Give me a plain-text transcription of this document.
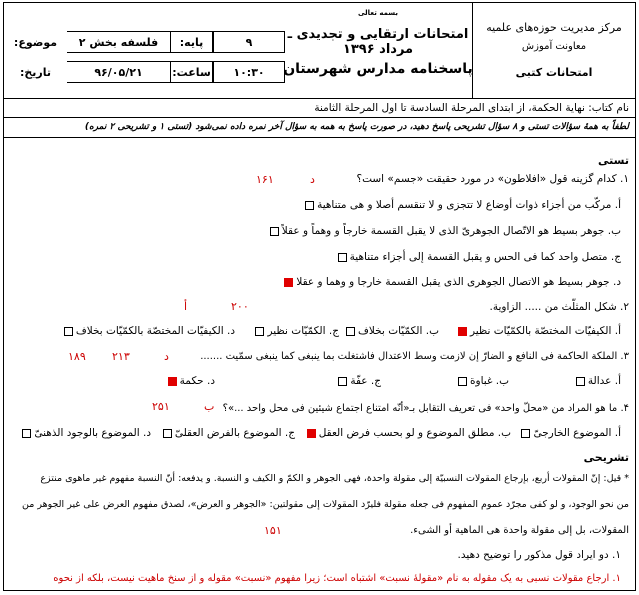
مرکز مدیریت حوزه‌های علمیه
معاونت آموزش
امتحانات کتبی
بسمه تعالی
امتحانات ارتقایی و تجدیدی ـ مرداد ۱۳۹۶
پاسخنامه مدارس شهرستان
موضوع:	فلسفه بخش ۲	پایه:	۹
تاریخ:	۹۶/۰۵/۲۱	ساعت:	۱۰:۳۰
نام کتاب: نهایة الحکمة، از ابتدای المرحلة السادسة تا اول المرحلة الثامنة
لطفاً به همهٔ سؤالات تستی و ۸ سؤال تشریحی پاسخ دهید، در صورت پاسخ به همه به سؤال آخر نمره داده نمی‌شود (تستی ۱ و تشریحی ۲ نمره)
تستی
۱. کدام گزینه قول «افلاطون» در مورد حقیقت «جسم» است؟
د
۱۶۱
أ. مرکّب من أجزاء ذوات أوضاع لا تتجزی و لا تنقسم أصلا و هی متناهیة
ب. جوهر بسیط هو الاتّصال الجوهریّ الذی لا یقبل القسمة خارجاً و وهماً و عقلاً
ج. متصل واحد کما فی الحس و یقبل القسمة إلی أجزاء متناهیة
د. جوهر بسیط هو الاتصال الجوهری الذی یقبل القسمة خارجا و وهما و عقلا
۲. شکل المثلّث من ..... الزاویة.
أ	۲۰۰
أ. الکیفیّات المختصّة بالکمّیّات نظیر
ب. الکمّیّات بخلاف
ج. الکمّیّات نظیر
د. الکیفیّات المختصّة بالکمّیّات بخلاف
۳. الملکة الحاکمة فی النافع و الضارّ إن لازمت وسط الاعتدال فاشتغلت بما ینبغی کما ینبغی سمّیت .......
د
۲۱۳
۱۸۹
أ. عدالة
ب. غباوة
ج. عفّة
د. حکمة
۴. ما هو المراد من «محلّ واحد» فی تعریف التقابل بـ«أنّه امتناع اجتماع شیئین فی محل واحد ...»؟
ب
۲۵۱
أ. الموضوع الخارجیّ
ب. مطلق الموضوع و لو بحسب فرض العقل
ج. الموضوع بالفرض العقلیّ
د. الموضوع بالوجود الذهنیّ
تشریحی
* قیل: إنّ المقولات أربع، بإرجاع المقولات النسبیّة إلی مقولة واحدة، فهی الجوهر و الکمّ و الکیف و النسبة. و یدفعه: أنّ النسبة مفهوم غیر ماهوی منتزع
من نحو الوجود، و لو کفی مجرّد عموم المفهوم فی جعله مقولة فلیرّد المقولات إلی مقولتین: «الجوهر و العرض»، لصدق مفهوم العرض علی غیر الجوهر من
المقولات، بل إلی مقولة واحدة هی الماهیة أو الشیء.
۱۵۱
۱. دو ایراد قول مذکور را توضیح دهید.
۱. ارجاع مقولات نسبی به یک مقوله به نام «مقولهٔ نسبت» اشتباه است؛ زیرا مفهوم «نسبت» مقوله و از سنخ ماهیت نیست، بلکه از نحوه
